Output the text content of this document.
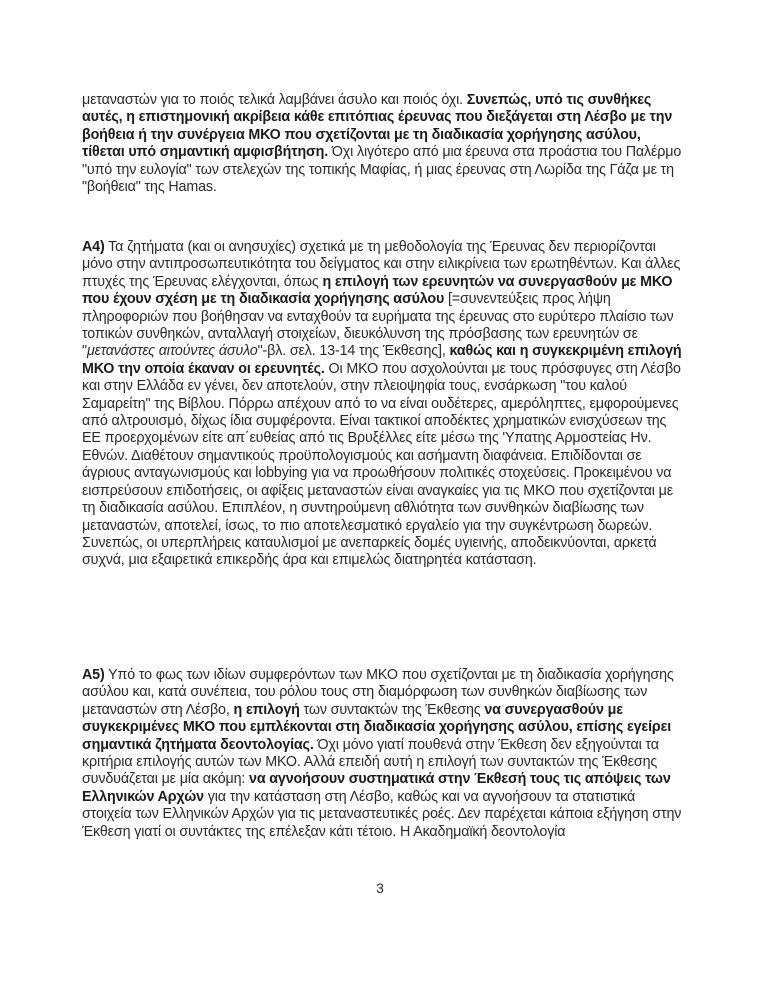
μεταναστών για το ποιός τελικά λαμβάνει άσυλο και ποιός όχι. Συνεπώς, υπό τις συνθήκες αυτές, η επιστημονική ακρίβεια κάθε επιτόπιας έρευνας που διεξάγεται στη Λέσβο με την βοήθεια ή την συνέργεια ΜΚΟ που σχετίζονται με τη διαδικασία χορήγησης ασύλου, τίθεται υπό σημαντική αμφισβήτηση. Όχι λιγότερο από μια έρευνα στα προάστια του Παλέρμο "υπό την ευλογία" των στελεχών της τοπικής Μαφίας, ή μιας έρευνας στη Λωρίδα της Γάζα με τη "βοήθεια" της Hamas.
Α4) Τα ζητήματα (και οι ανησυχίες) σχετικά με τη μεθοδολογία της Έρευνας δεν περιορίζονται μόνο στην αντιπροσωπευτικότητα του δείγματος και στην ειλικρίνεια των ερωτηθέντων. Και άλλες πτυχές της Έρευνας ελέγχονται, όπως η επιλογή των ερευνητών να συνεργασθούν με ΜΚΟ που έχουν σχέση με τη διαδικασία χορήγησης ασύλου [=συνεντεύξεις προς λήψη πληροφοριών που βοήθησαν να ενταχθούν τα ευρήματα της έρευνας στο ευρύτερο πλαίσιο των τοπικών συνθηκών, ανταλλαγή στοιχείων, διευκόλυνση της πρόσβασης των ερευνητών σε "μετανάστες αιτούντες άσυλο"-βλ. σελ. 13-14 της Έκθεσης], καθώς και η συγκεκριμένη επιλογή ΜΚΟ την οποία έκαναν οι ερευνητές. Οι ΜΚΟ που ασχολούνται με τους πρόσφυγες στη Λέσβο και στην Ελλάδα εν γένει, δεν αποτελούν, στην πλειοψηφία τους, ενσάρκωση "του καλού Σαμαρείτη" της Βίβλου. Πόρρω απέχουν από το να είναι ουδέτερες, αμερόληπτες, εμφορούμενες από αλτρουισμό, δίχως ίδια συμφέροντα. Είναι τακτικοί αποδέκτες χρηματικών ενισχύσεων της ΕΕ προερχομένων είτε απ΄ευθείας από τις Βρυξέλλες είτε μέσω της 'Υπατης Αρμοστείας Ην. Εθνών. Διαθέτουν σημαντικούς προϋπολογισμούς και ασήμαντη διαφάνεια. Επιδίδονται σε άγριους ανταγωνισμούς και lobbying για να προωθήσουν πολιτικές στοχεύσεις. Προκειμένου να εισπρεύσουν επιδοτήσεις, οι αφίξεις μεταναστών είναι αναγκαίες για τις ΜΚΟ που σχετίζονται με τη διαδικασία ασύλου. Επιπλέον, η συντηρούμενη αθλιότητα των συνθηκών διαβίωσης των μεταναστών, αποτελεί, ίσως, το πιο αποτελεσματικό εργαλείο για την συγκέντρωση δωρεών. Συνεπώς, οι υπερπλήρεις καταυλισμοί με ανεπαρκείς δομές υγιεινής, αποδεικνύονται, αρκετά συχνά, μια εξαιρετικά επικερδής άρα και επιμελώς διατηρητέα κατάσταση.
Α5) Υπό το φως των ιδίων συμφερόντων των ΜΚΟ που σχετίζονται με τη διαδικασία χορήγησης ασύλου και, κατά συνέπεια, του ρόλου τους στη διαμόρφωση των συνθηκών διαβίωσης των μεταναστών στη Λέσβο, η επιλογή των συντακτών της Έκθεσης να συνεργασθούν με συγκεκριμένες ΜΚΟ που εμπλέκονται στη διαδικασία χορήγησης ασύλου, επίσης εγείρει σημαντικά ζητήματα δεοντολογίας. Όχι μόνο γιατί πουθενά στην Έκθεση δεν εξηγούνται τα κριτήρια επιλογής αυτών των ΜΚΟ. Αλλά επειδή αυτή η επιλογή των συντακτών της Έκθεσης συνδυάζεται με μία ακόμη: να αγνοήσουν συστηματικά στην Έκθεσή τους τις απόψεις των Ελληνικών Αρχών για την κατάσταση στη Λέσβο, καθώς και να αγνοήσουν τα στατιστικά στοιχεία των Ελληνικών Αρχών για τις μεταναστευτικές ροές. Δεν παρέχεται κάποια εξήγηση στην Έκθεση γιατί οι συντάκτες της επέλεξαν κάτι τέτοιο. Η Ακαδημαϊκή δεοντολογία
3
